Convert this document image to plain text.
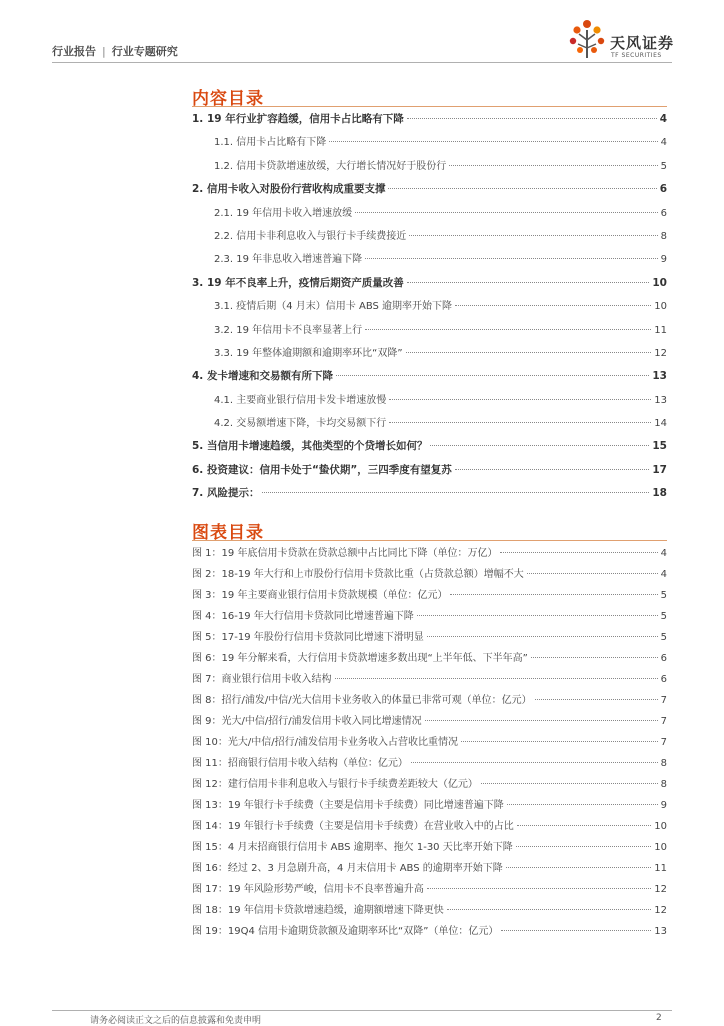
行业报告 | 行业专题研究	天风证券
TF SECURITIES
内容目录
1. 19 年行业扩容趋缓，信用卡占比略有下降	4
1.1. 信用卡占比略有下降	4
1.2. 信用卡贷款增速放缓，大行增长情况好于股份行	5
2. 信用卡收入对股份行营收构成重要支撑	6
2.1. 19 年信用卡收入增速放缓	6
2.2. 信用卡非利息收入与银行卡手续费接近	8
2.3. 19 年非息收入增速普遍下降	9
3. 19 年不良率上升，疫情后期资产质量改善	10
3.1. 疫情后期（4 月末）信用卡 ABS 逾期率开始下降	10
3.2. 19 年信用卡不良率显著上行	11
3.3. 19 年整体逾期额和逾期率环比“双降”	12
4. 发卡增速和交易额有所下降	13
4.1. 主要商业银行信用卡发卡增速放慢	13
4.2. 交易额增速下降，卡均交易额下行	14
5. 当信用卡增速趋缓，其他类型的个贷增长如何？	15
6. 投资建议：信用卡处于“蛰伏期”，三四季度有望复苏	17
7. 风险提示：	18
图表目录
图 1：19 年底信用卡贷款在贷款总额中占比同比下降（单位：万亿）	4
图 2：18-19 年大行和上市股份行信用卡贷款比重（占贷款总额）增幅不大	4
图 3：19 年主要商业银行信用卡贷款规模（单位：亿元）	5
图 4：16-19 年大行信用卡贷款同比增速普遍下降	5
图 5：17-19 年股份行信用卡贷款同比增速下滑明显	5
图 6：19 年分解来看，大行信用卡贷款增速多数出现“上半年低、下半年高”	6
图 7：商业银行信用卡收入结构	6
图 8：招行/浦发/中信/光大信用卡业务收入的体量已非常可观（单位：亿元）	7
图 9：光大/中信/招行/浦发信用卡收入同比增速情况	7
图 10：光大/中信/招行/浦发信用卡业务收入占营收比重情况	7
图 11：招商银行信用卡收入结构（单位：亿元）	8
图 12：建行信用卡非利息收入与银行卡手续费差距较大（亿元）	8
图 13：19 年银行卡手续费（主要是信用卡手续费）同比增速普遍下降	9
图 14：19 年银行卡手续费（主要是信用卡手续费）在营业收入中的占比	10
图 15：4 月末招商银行信用卡 ABS 逾期率、拖欠 1-30 天比率开始下降	10
图 16：经过 2、3 月急剧升高，4 月末信用卡 ABS 的逾期率开始下降	11
图 17：19 年风险形势严峻，信用卡不良率普遍升高	12
图 18：19 年信用卡贷款增速趋缓，逾期额增速下降更快	12
图 19：19Q4 信用卡逾期贷款额及逾期率环比“双降”（单位：亿元）	13
请务必阅读正文之后的信息披露和免责申明	2
